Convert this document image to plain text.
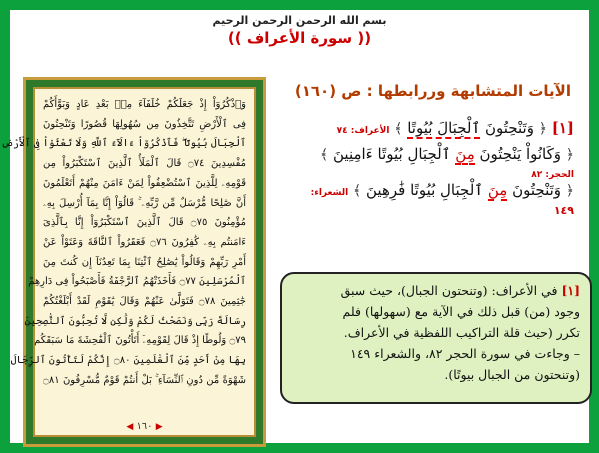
بسم الله الرحمن الرحمن الرحيم
(( سورة الأعراف ))
وَٱذْكُرُوٓاْ إِذْ جَعَلَكُمْ خُلَفَآءَ مِنۢ بَعْدِ عَادٍ وَبَوَّأَكُمْ
فِى ٱلْأَرْضِ تَتَّخِذُونَ مِن سُهُولِهَا قُصُورًا وَتَنْحِتُونَ
ٱلْجِبَالَ بُيُوتًا ۖ فَٱذْكُرُوٓاْ ءَالَآءَ ٱللَّهِ وَلَا تَعْثَوْاْ فِى ٱلْأَرْضِ
مُفْسِدِينَ ۝٧٤ قَالَ ٱلْمَلَأُ ٱلَّذِينَ ٱسْتَكْبَرُواْ مِن
قَوْمِهِۦ لِلَّذِينَ ٱسْتُضْعِفُواْ لِمَنْ ءَامَنَ مِنْهُمْ أَتَعْلَمُونَ
أَنَّ صَٰلِحًا مُّرْسَلٌ مِّن رَّبِّهِۦ ۚ قَالُوٓاْ إِنَّا بِمَآ أُرْسِلَ بِهِۦ
مُؤْمِنُونَ ۝٧٥ قَالَ ٱلَّذِينَ ٱسْتَكْبَرُوٓاْ إِنَّا بِٱلَّذِىٓ
ءَامَنتُم بِهِۦ كَٰفِرُونَ ۝٧٦ فَعَقَرُواْ ٱلنَّاقَةَ وَعَتَوْاْ عَنْ
أَمْرِ رَبِّهِمْ وَقَالُواْ يَٰصَٰلِحُ ٱئْتِنَا بِمَا تَعِدُنَآ إِن كُنتَ مِنَ
ٱلْمُرْسَلِينَ ۝٧٧ فَأَخَذَتْهُمُ ٱلرَّجْفَةُ فَأَصْبَحُواْ فِى دَارِهِمْ
جَٰثِمِينَ ۝٧٨ فَتَوَلَّىٰ عَنْهُمْ وَقَالَ يَٰقَوْمِ لَقَدْ أَبْلَغْتُكُمْ
رِسَالَةَ رَبِّى وَنَصَحْتُ لَكُمْ وَلَٰكِن لَّا تُحِبُّونَ ٱلنَّٰصِحِينَ
۝٧٩ وَلُوطًا إِذْ قَالَ لِقَوْمِهِۦٓ أَتَأْتُونَ ٱلْفَٰحِشَةَ مَا سَبَقَكُم
بِهَا مِنْ أَحَدٍ مِّنَ ٱلْعَٰلَمِينَ ۝٨٠ إِنَّكُمْ لَتَأْتُونَ ٱلرِّجَالَ
شَهْوَةً مِّن دُونِ ٱلنِّسَآءِ ۚ بَلْ أَنتُمْ قَوْمٌ مُّسْرِفُونَ ۝٨١
◀ ١٦٠ ▶
الآيات المتشابهة وررابطها : ص (١٦٠)
[١] ﴿ وَتَنْحِتُونَ ٱلْجِبَالَ بُيُوتًا ﴾ الأعراف: ٧٤
﴿ وَكَانُواْ يَنْحِتُونَ مِنَ ٱلْجِبَالِ بُيُوتًا ءَامِنِينَ ﴾
الحجر: ٨٢
﴿ وَتَنْحِتُونَ مِنَ ٱلْجِبَالِ بُيُوتًا فَٰرِهِينَ ﴾ الشعراء:
١٤٩
[١] في الأعراف: (وتنحتون الجبال)، حيث سبق
وجود (من) قبل ذلك في الآية مع (سهولها) فلم
تكرر (حيث قلة التراكيب اللفظية في الأعراف.
– وجاءت في سورة الحجر ٨٢، والشعراء ١٤٩
(وتنحتون من الجبال بيوتًا).
